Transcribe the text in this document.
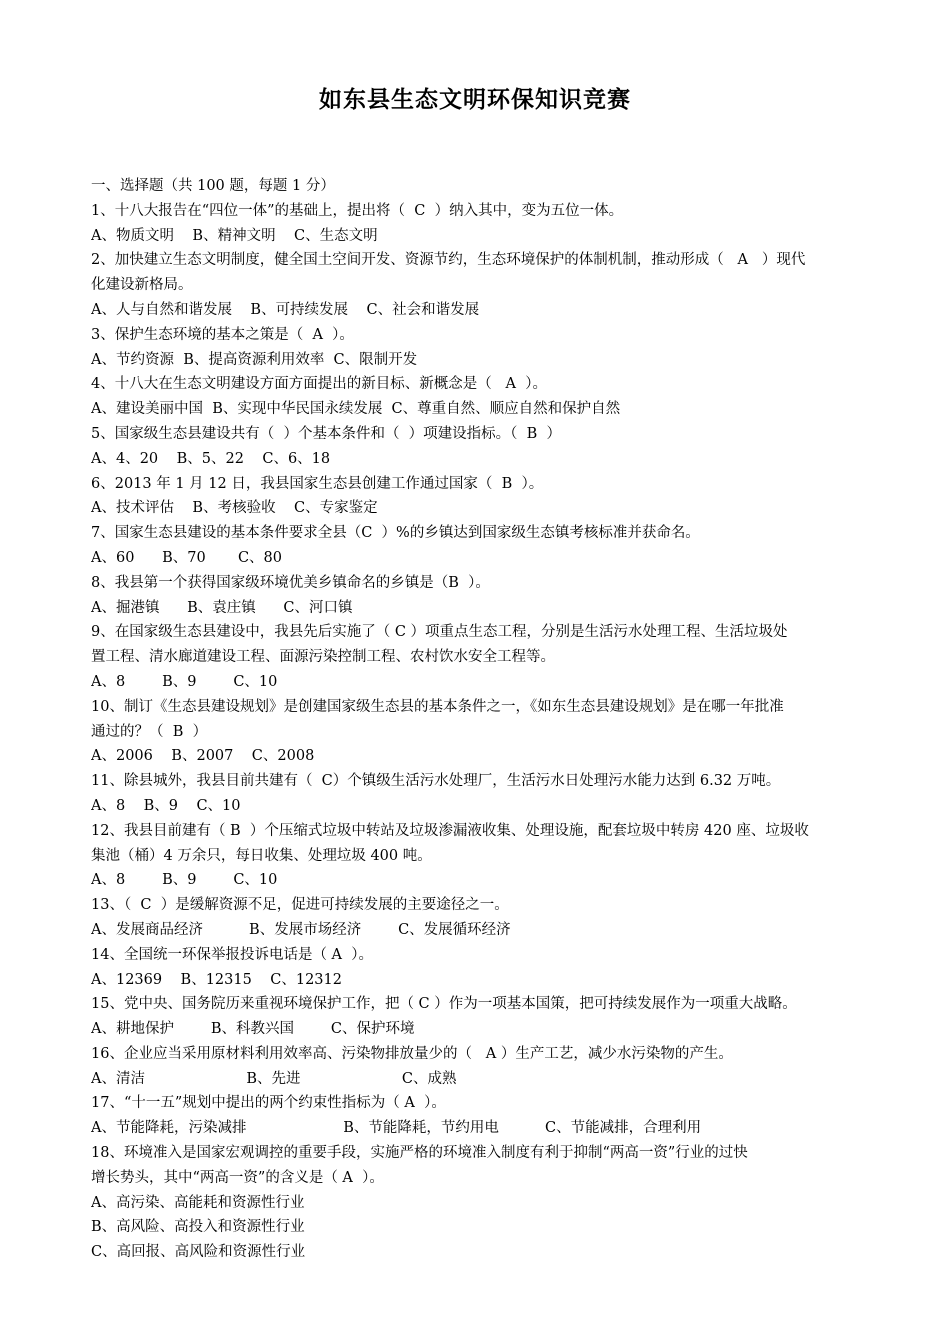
如东县生态文明环保知识竞赛
一、选择题（共 100 题，每题 1 分）
1、十八大报告在“四位一体”的基础上，提出将（  C  ）纳入其中，变为五位一体。
A、物质文明    B、精神文明    C、生态文明
2、加快建立生态文明制度，健全国土空间开发、资源节约，生态环境保护的体制机制，推动形成（   A   ）现代
化建设新格局。
A、人与自然和谐发展    B、可持续发展    C、社会和谐发展
3、保护生态环境的基本之策是（  A  ）。
A、节约资源  B、提高资源利用效率  C、限制开发
4、十八大在生态文明建设方面方面提出的新目标、新概念是（   A  ）。
A、建设美丽中国  B、实现中华民国永续发展  C、尊重自然、顺应自然和保护自然
5、国家级生态县建设共有（  ）个基本条件和（  ）项建设指标。（  B  ）
A、4、20    B、5、22    C、6、18
6、2013 年 1 月 12 日，我县国家生态县创建工作通过国家（  B  ）。
A、技术评估    B、考核验收    C、专家鉴定
7、国家生态县建设的基本条件要求全县（C  ）%的乡镇达到国家级生态镇考核标准并获命名。
A、60      B、70       C、80
8、我县第一个获得国家级环境优美乡镇命名的乡镇是（B  ）。
A、掘港镇      B、袁庄镇      C、河口镇
9、在国家级生态县建设中，我县先后实施了（ C ）项重点生态工程，分别是生活污水处理工程、生活垃圾处
置工程、清水廊道建设工程、面源污染控制工程、农村饮水安全工程等。
A、8        B、9        C、10
10、制订《生态县建设规划》是创建国家级生态县的基本条件之一，《如东生态县建设规划》是在哪一年批准
通过的？（  B  ）
A、2006    B、2007    C、2008
11、除县城外，我县目前共建有（  C）个镇级生活污水处理厂，生活污水日处理污水能力达到 6.32 万吨。
A、8    B、9    C、10
12、我县目前建有（ B  ）个压缩式垃圾中转站及垃圾渗漏液收集、处理设施，配套垃圾中转房 420 座、垃圾收
集池（桶）4 万余只，每日收集、处理垃圾 400 吨。
A、8        B、9        C、10
13、（  C  ）是缓解资源不足，促进可持续发展的主要途径之一。
A、发展商品经济          B、发展市场经济        C、发展循环经济
14、全国统一环保举报投诉电话是（ A  ）。
A、12369    B、12315    C、12312
15、党中央、国务院历来重视环境保护工作，把（ C ）作为一项基本国策，把可持续发展作为一项重大战略。
A、耕地保护        B、科教兴国        C、保护环境
16、企业应当采用原材料利用效率高、污染物排放量少的（   A ）生产工艺，减少水污染物的产生。
A、清洁                      B、先进                      C、成熟
17、“十一五”规划中提出的两个约束性指标为（ A  ）。
A、节能降耗，污染减排                     B、节能降耗，节约用电          C、节能减排，合理利用
18、环境准入是国家宏观调控的重要手段，实施严格的环境准入制度有利于抑制“两高一资”行业的过快
增长势头，其中“两高一资”的含义是（ A  ）。
A、高污染、高能耗和资源性行业
B、高风险、高投入和资源性行业
C、高回报、高风险和资源性行业
